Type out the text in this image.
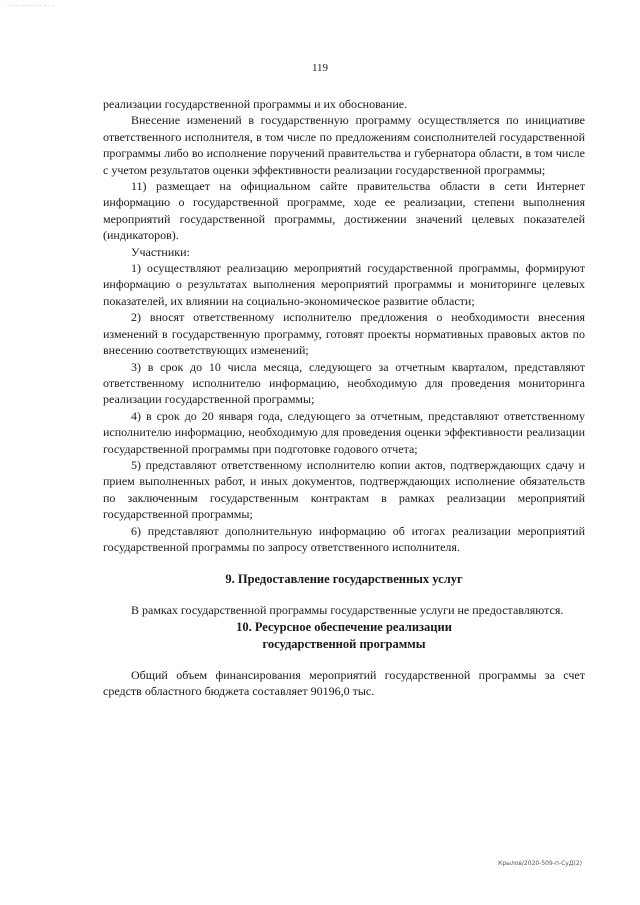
· ·· ·· ·········· ··· ·
119

реализации государственной программы и их обоснование.

Внесение изменений в государственную программу осуществляется по инициативе ответственного исполнителя, в том числе по предложениям соисполнителей государственной программы либо во исполнение поручений правительства и губернатора области, в том числе с учетом результатов оценки эффективности реализации государственной программы;

11) размещает на официальном сайте правительства области в сети Интернет информацию о государственной программе, ходе ее реализации, степени выполнения мероприятий государственной программы, достижении значений целевых показателей (индикаторов).

Участники:

1) осуществляют реализацию мероприятий государственной программы, формируют информацию о результатах выполнения мероприятий программы и мониторинге целевых показателей, их влиянии на социально-экономическое развитие области;

2) вносят ответственному исполнителю предложения о необходимости внесения изменений в государственную программу, готовят проекты нормативных правовых актов по внесению соответствующих изменений;

3) в срок до 10 числа месяца, следующего за отчетным кварталом, представляют ответственному исполнителю информацию, необходимую для проведения мониторинга реализации государственной программы;

4) в срок до 20 января года, следующего за отчетным, представляют ответственному исполнителю информацию, необходимую для проведения оценки эффективности реализации государственной программы при подготовке годового отчета;

5) представляют ответственному исполнителю копии актов, подтверждающих сдачу и прием выполненных работ, и иных документов, подтверждающих исполнение обязательств по заключенным государственным контрактам в рамках реализации мероприятий государственной программы;

6) представляют дополнительную информацию об итогах реализации мероприятий государственной программы по запросу ответственного исполнителя.

9. Предоставление государственных услуг

В рамках государственной программы государственные услуги не предоставляются.

10. Ресурсное обеспечение реализации
государственной программы

Общий объем финансирования мероприятий государственной программы за счет средств областного бюджета составляет 90196,0 тыс.

Крылов/2020-509-п-СуД(2)
